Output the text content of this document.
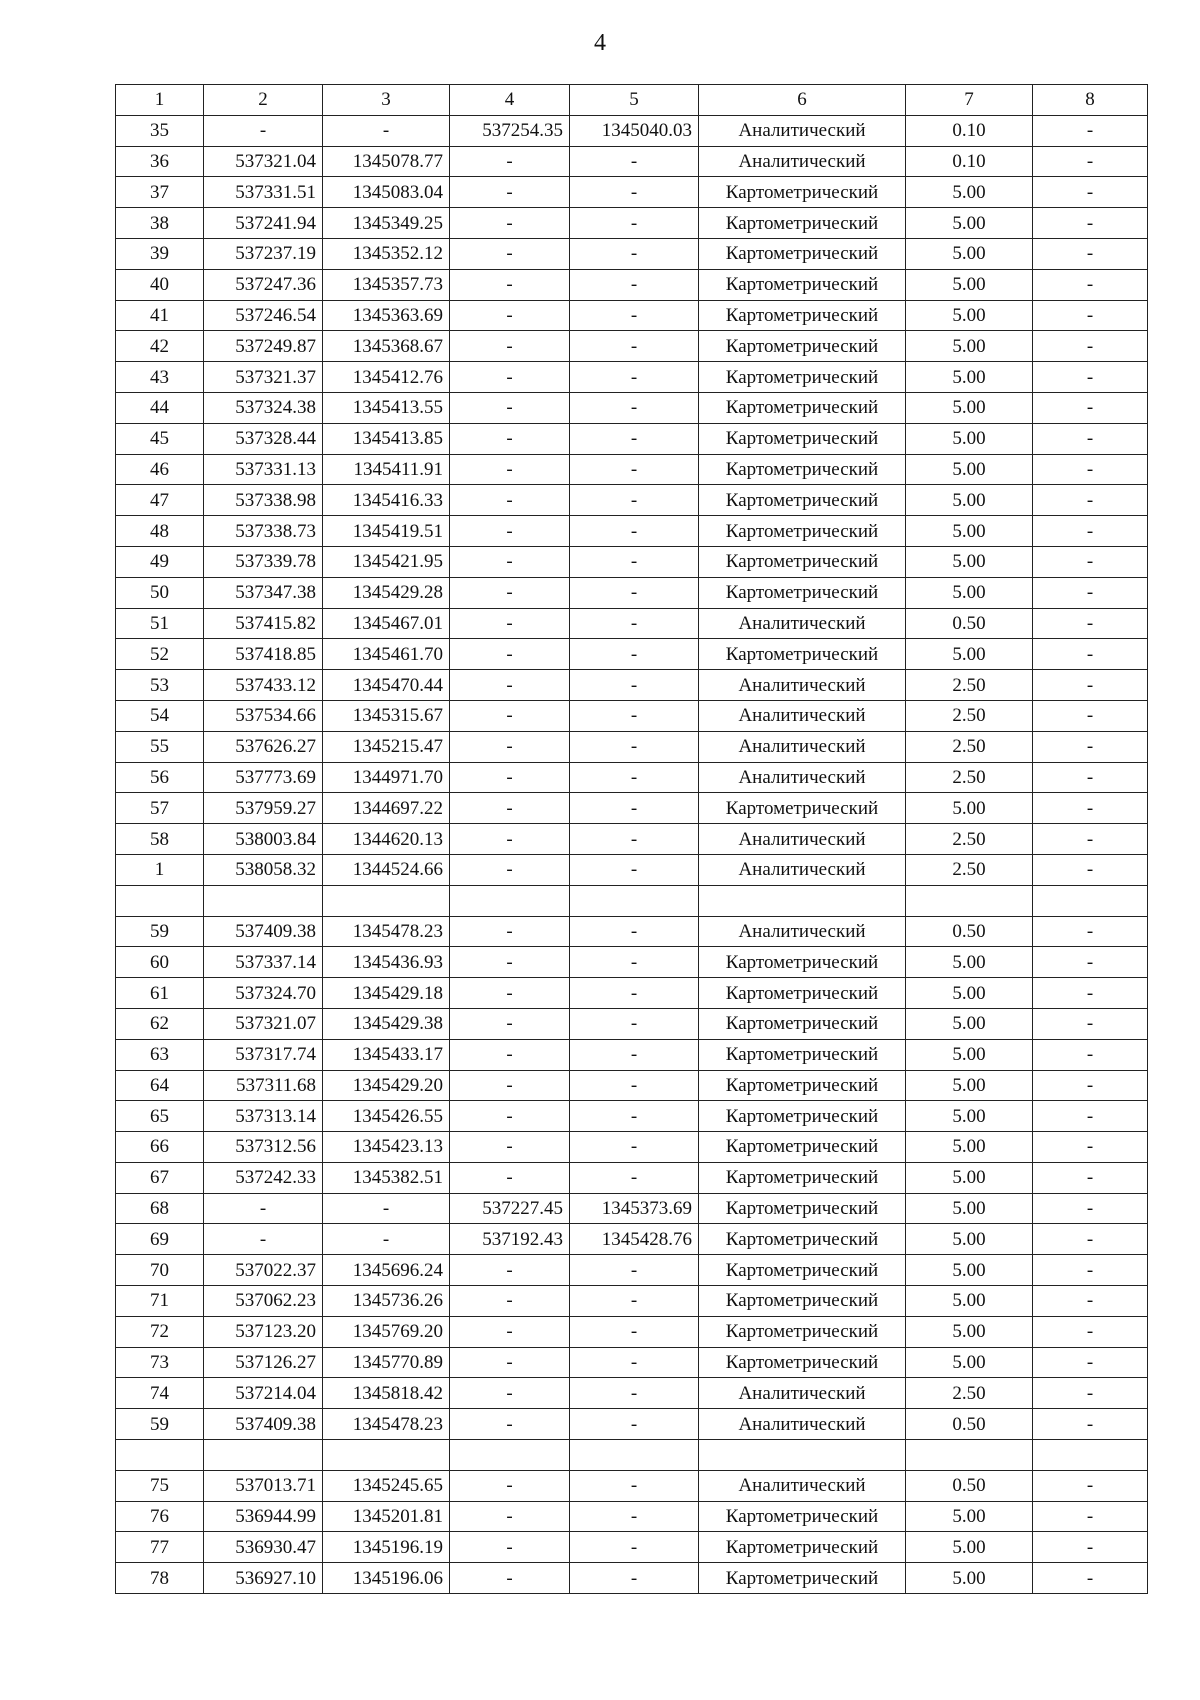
4
1	2	3	4	5	6	7	8
35	-	-	537254.35	1345040.03	Аналитический	0.10	-
36	537321.04	1345078.77	-	-	Аналитический	0.10	-
37	537331.51	1345083.04	-	-	Картометрический	5.00	-
38	537241.94	1345349.25	-	-	Картометрический	5.00	-
39	537237.19	1345352.12	-	-	Картометрический	5.00	-
40	537247.36	1345357.73	-	-	Картометрический	5.00	-
41	537246.54	1345363.69	-	-	Картометрический	5.00	-
42	537249.87	1345368.67	-	-	Картометрический	5.00	-
43	537321.37	1345412.76	-	-	Картометрический	5.00	-
44	537324.38	1345413.55	-	-	Картометрический	5.00	-
45	537328.44	1345413.85	-	-	Картометрический	5.00	-
46	537331.13	1345411.91	-	-	Картометрический	5.00	-
47	537338.98	1345416.33	-	-	Картометрический	5.00	-
48	537338.73	1345419.51	-	-	Картометрический	5.00	-
49	537339.78	1345421.95	-	-	Картометрический	5.00	-
50	537347.38	1345429.28	-	-	Картометрический	5.00	-
51	537415.82	1345467.01	-	-	Аналитический	0.50	-
52	537418.85	1345461.70	-	-	Картометрический	5.00	-
53	537433.12	1345470.44	-	-	Аналитический	2.50	-
54	537534.66	1345315.67	-	-	Аналитический	2.50	-
55	537626.27	1345215.47	-	-	Аналитический	2.50	-
56	537773.69	1344971.70	-	-	Аналитический	2.50	-
57	537959.27	1344697.22	-	-	Картометрический	5.00	-
58	538003.84	1344620.13	-	-	Аналитический	2.50	-
1	538058.32	1344524.66	-	-	Аналитический	2.50	-

59	537409.38	1345478.23	-	-	Аналитический	0.50	-
60	537337.14	1345436.93	-	-	Картометрический	5.00	-
61	537324.70	1345429.18	-	-	Картометрический	5.00	-
62	537321.07	1345429.38	-	-	Картометрический	5.00	-
63	537317.74	1345433.17	-	-	Картометрический	5.00	-
64	537311.68	1345429.20	-	-	Картометрический	5.00	-
65	537313.14	1345426.55	-	-	Картометрический	5.00	-
66	537312.56	1345423.13	-	-	Картометрический	5.00	-
67	537242.33	1345382.51	-	-	Картометрический	5.00	-
68	-	-	537227.45	1345373.69	Картометрический	5.00	-
69	-	-	537192.43	1345428.76	Картометрический	5.00	-
70	537022.37	1345696.24	-	-	Картометрический	5.00	-
71	537062.23	1345736.26	-	-	Картометрический	5.00	-
72	537123.20	1345769.20	-	-	Картометрический	5.00	-
73	537126.27	1345770.89	-	-	Картометрический	5.00	-
74	537214.04	1345818.42	-	-	Аналитический	2.50	-
59	537409.38	1345478.23	-	-	Аналитический	0.50	-

75	537013.71	1345245.65	-	-	Аналитический	0.50	-
76	536944.99	1345201.81	-	-	Картометрический	5.00	-
77	536930.47	1345196.19	-	-	Картометрический	5.00	-
78	536927.10	1345196.06	-	-	Картометрический	5.00	-
